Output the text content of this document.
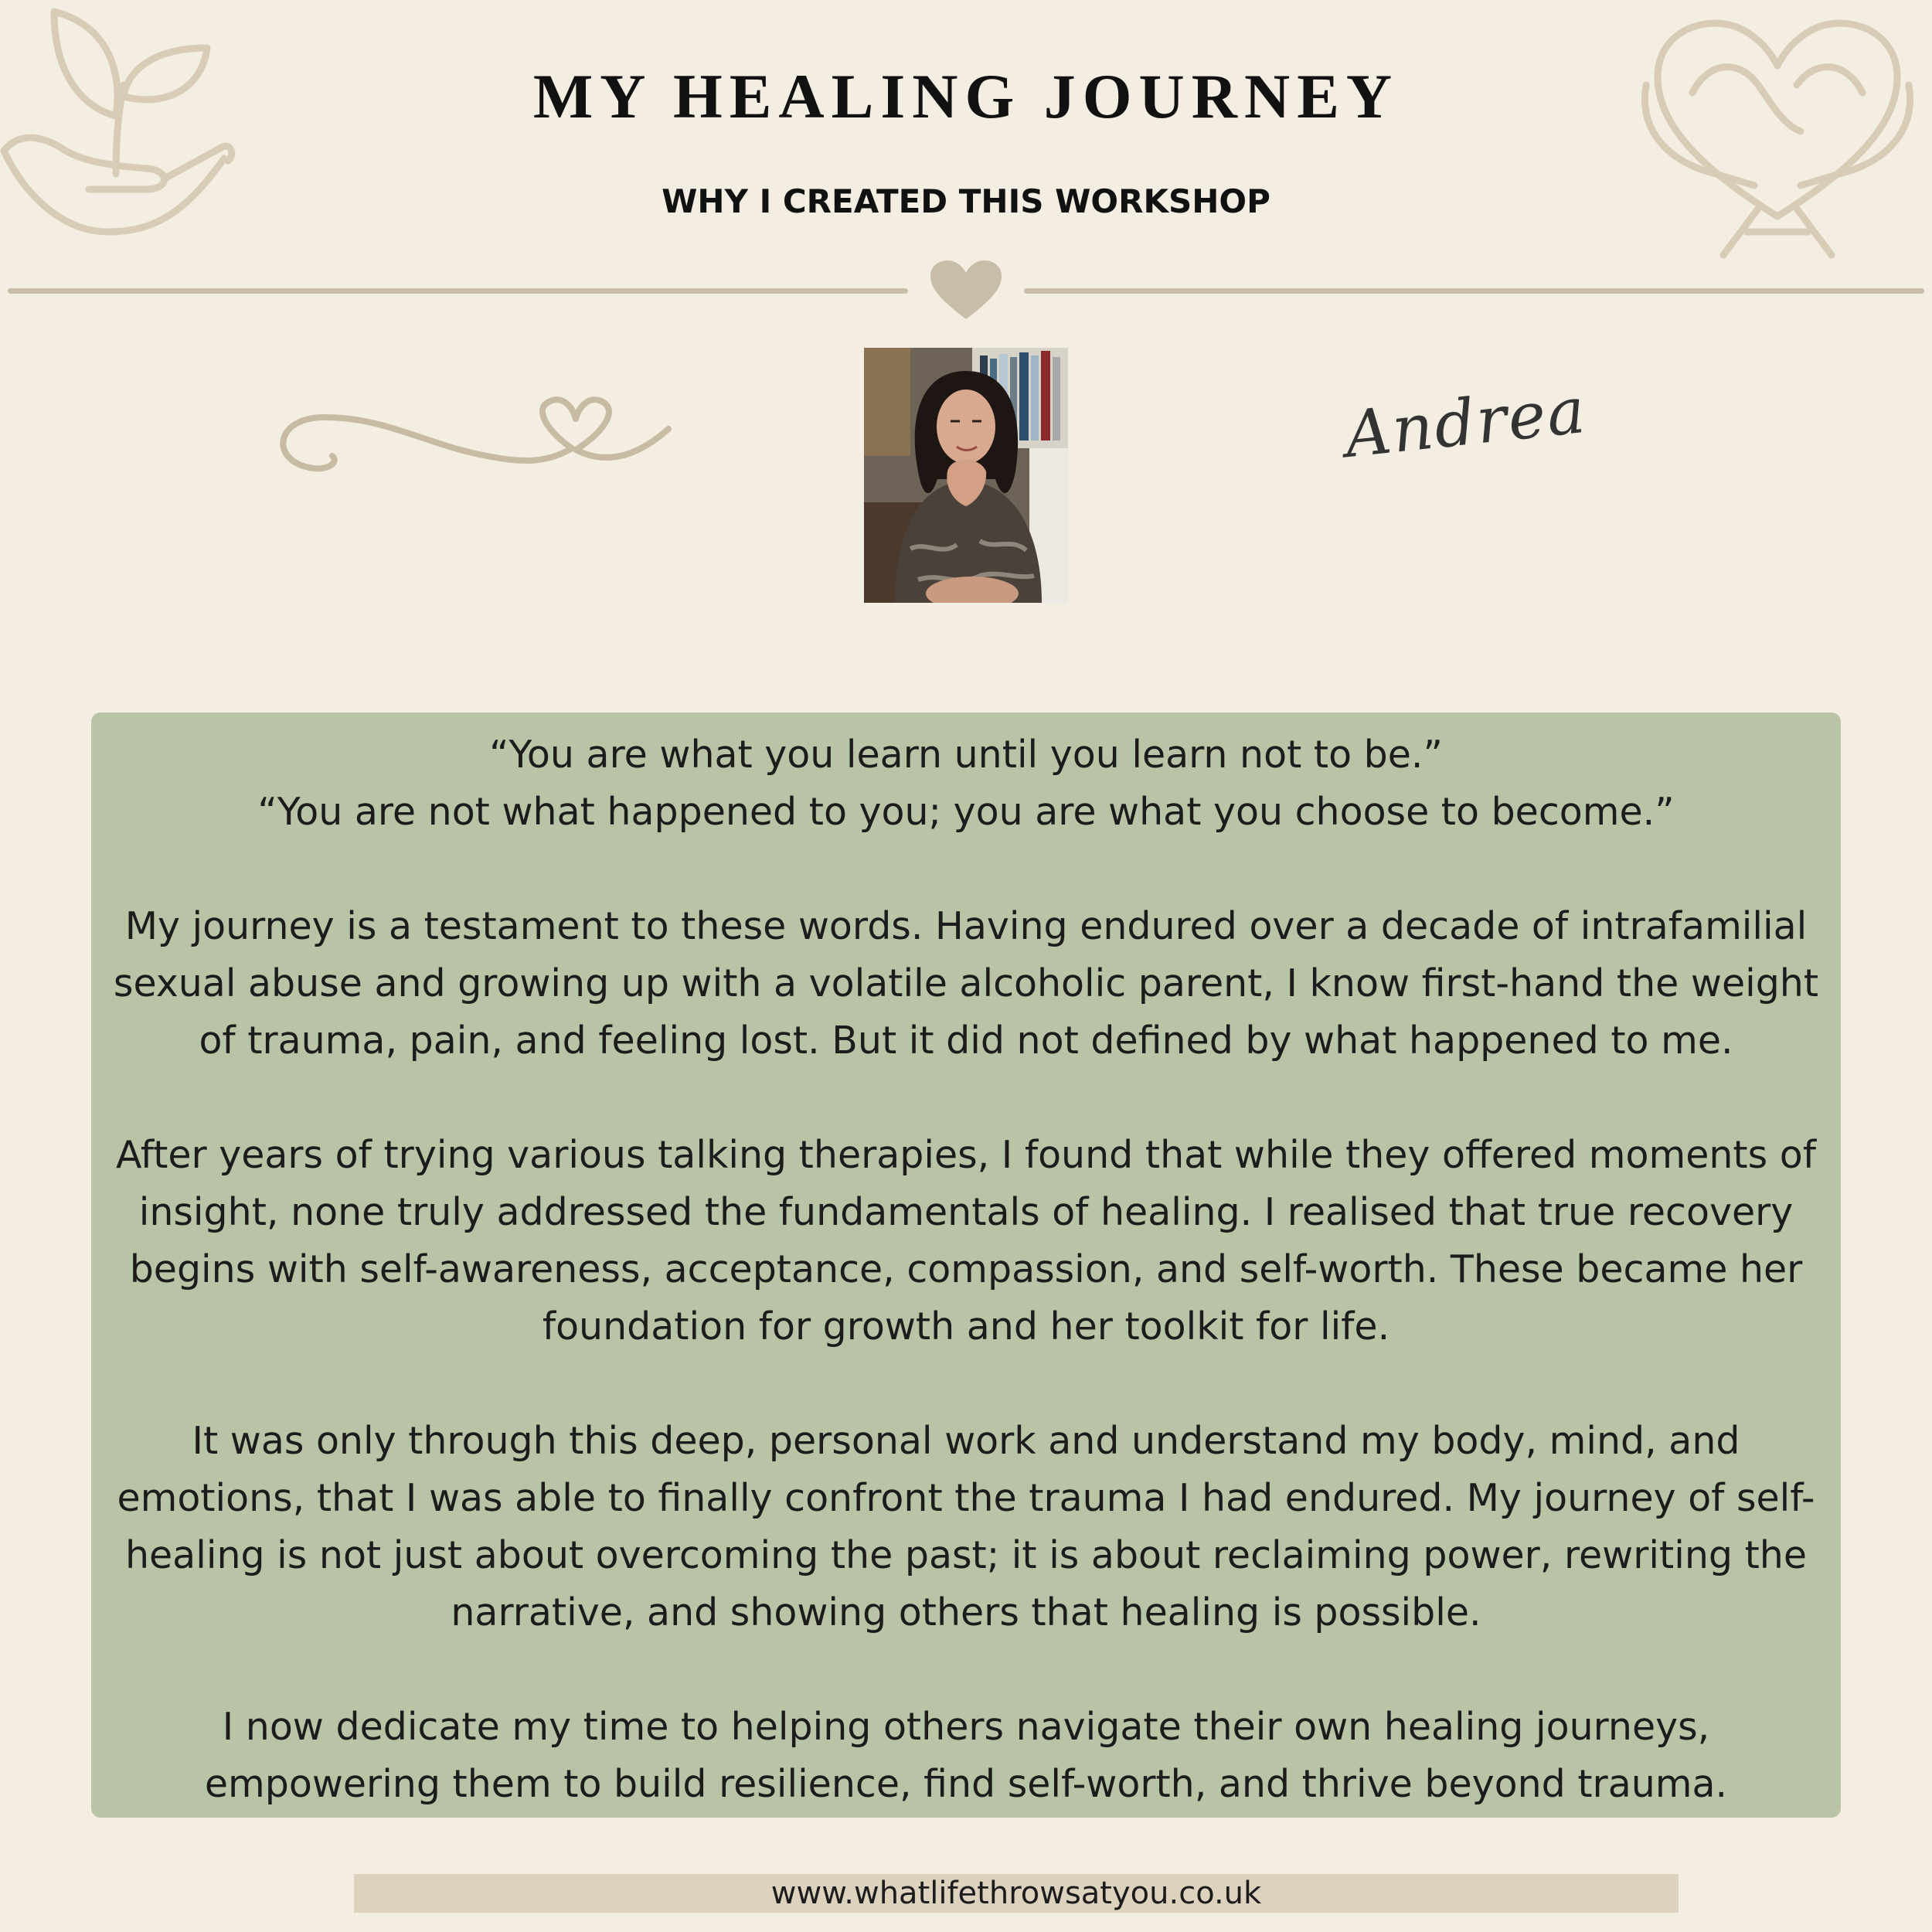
MY HEALING JOURNEY
WHY I CREATED THIS WORKSHOP
Andrea

“You are what you learn until you learn not to be.”

“You are not what happened to you; you are what you choose to become.”

My journey is a testament to these words. Having endured over a decade of intrafamilial sexual abuse and growing up with a volatile alcoholic parent, I know first-hand the weight of trauma, pain, and feeling lost. But it did not defined by what happened to me.

After years of trying various talking therapies, I found that while they offered moments of insight, none truly addressed the fundamentals of healing. I realised that true recovery begins with self-awareness, acceptance, compassion, and self-worth. These became her foundation for growth and her toolkit for life.

It was only through this deep, personal work and understand my body, mind, and emotions, that I was able to finally confront the trauma I had endured. My journey of self-healing is not just about overcoming the past; it is about reclaiming power, rewriting the narrative, and showing others that healing is possible.

I now dedicate my time to helping others navigate their own healing journeys, empowering them to build resilience, find self-worth, and thrive beyond trauma.

www.whatlifethrowsatyou.co.uk
